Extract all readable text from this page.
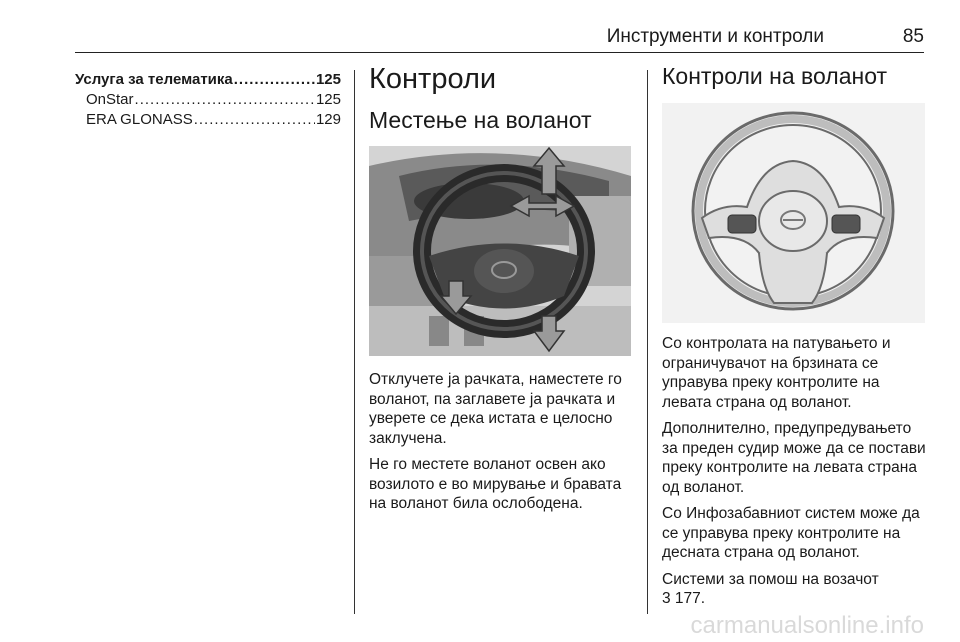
Инструменти и контроли	85
Услуга за телематика .....	125
OnStar .....	125
ERA GLONASS .....	129
Контроли
Местење на воланот

Отклучете ја рачката, наместете го воланот, па заглавете ја рачката и уверете се дека истата е целосно заклучена.

Не го местете воланот освен ако возилото е во мирување и бравата на воланот била ослободена.

Контроли на воланот

Со контролата на патувањето и ограничувачот на брзината се управува преку контролите на левата страна од воланот.

Дополнително, предупредувањето за преден судир може да се постави преку контролите на левата страна од воланот.

Со Инфозабавниот систем може да се управува преку контролите на десната страна од воланот.

Системи за помош на возачот
3 177.

carmanualsonline.info
